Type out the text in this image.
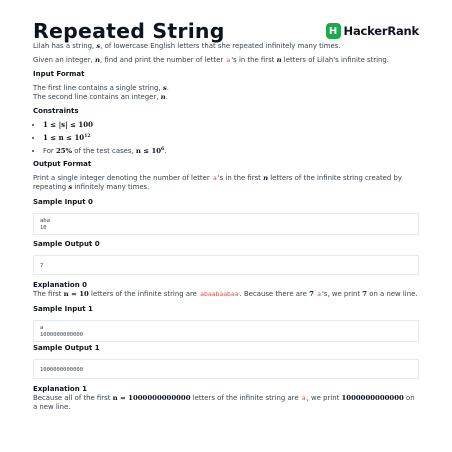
Repeated String	H HackerRank

Lilah has a string, s, of lowercase English letters that she repeated infinitely many times.

Given an integer, n, find and print the number of letter a's in the first n letters of Lilah's infinite string.

Input Format

The first line contains a single string, s.

The second line contains an integer, n.

Constraints

• 1 ≤ |s| ≤ 100
• $1 \le n \le 10^{12}$
• For 25% of the test cases, $n \le 10^6$.

Output Format

Print a single integer denoting the number of letter a's in the first n letters of the infinite string created by repeating s infinitely many times.

Sample Input 0

aba
10

Sample Output 0

7

Explanation 0

The first n = 10 letters of the infinite string are abaabaabaa. Because there are 7 a's, we print 7 on a new line.

Sample Input 1

a
1000000000000

Sample Output 1

1000000000000

Explanation 1

Because all of the first n = 1000000000000 letters of the infinite string are a, we print 1000000000000 on a new line.
